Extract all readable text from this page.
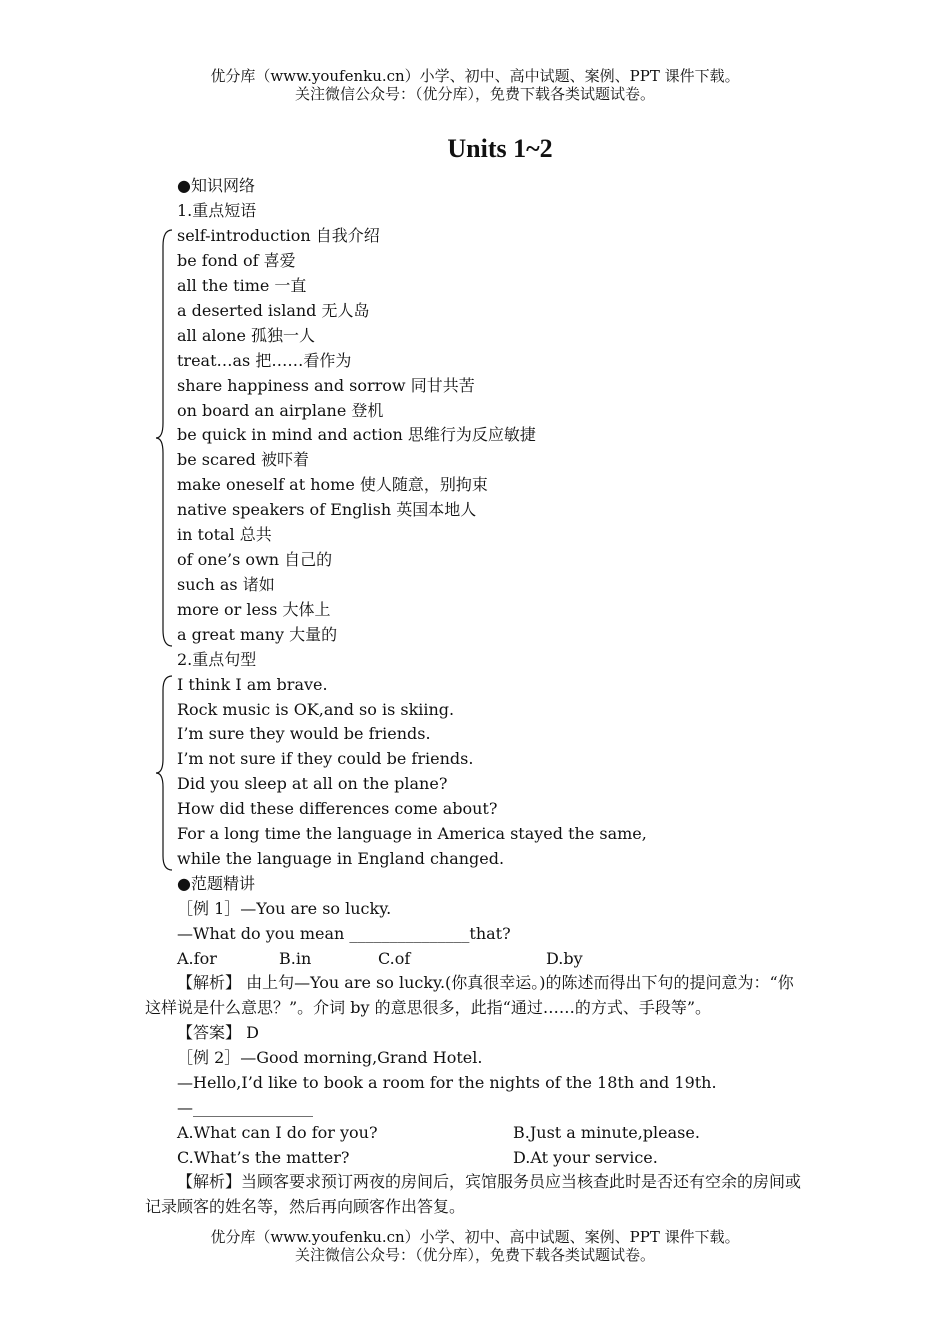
优分库（www.youfenku.cn）小学、初中、高中试题、案例、PPT 课件下载。
关注微信公众号：（优分库），免费下载各类试题试卷。
Units 1~2
●知识网络
1.重点短语
self-introduction 自我介绍
be fond of 喜爱
all the time 一直
a deserted island 无人岛
all alone 孤独一人
treat…as 把……看作为
share happiness and sorrow 同甘共苦
on board an airplane 登机
be quick in mind and action 思维行为反应敏捷
be scared 被吓着
make oneself at home 使人随意，别拘束
native speakers of English 英国本地人
in total 总共
of one’s own 自己的
such as 诸如
more or less 大体上
a great many 大量的
2.重点句型
I think I am brave.
Rock music is OK,and so is skiing.
I’m sure they would be friends.
I’m not sure if they could be friends.
Did you sleep at all on the plane?
How did these differences come about?
For a long time the language in America stayed the same,
while the language in England changed.
●范题精讲
［例 1］—You are so lucky.
—What do you mean _______________that?
A.for	B.in	C.of	D.by
【解析】 由上句—You are so lucky.(你真很幸运。)的陈述而得出下句的提问意为：“你这样说是什么意思？”。介词 by 的意思很多，此指“通过……的方式、手段等”。
【答案】 D
［例 2］—Good morning,Grand Hotel.
—Hello,I’d like to book a room for the nights of the 18th and 19th.
—_______________
A.What can I do for you?	B.Just a minute,please.
C.What’s the matter?	D.At your service.
【解析】当顾客要求预订两夜的房间后，宾馆服务员应当核查此时是否还有空余的房间或记录顾客的姓名等，然后再向顾客作出答复。
优分库（www.youfenku.cn）小学、初中、高中试题、案例、PPT 课件下载。
关注微信公众号：（优分库），免费下载各类试题试卷。
